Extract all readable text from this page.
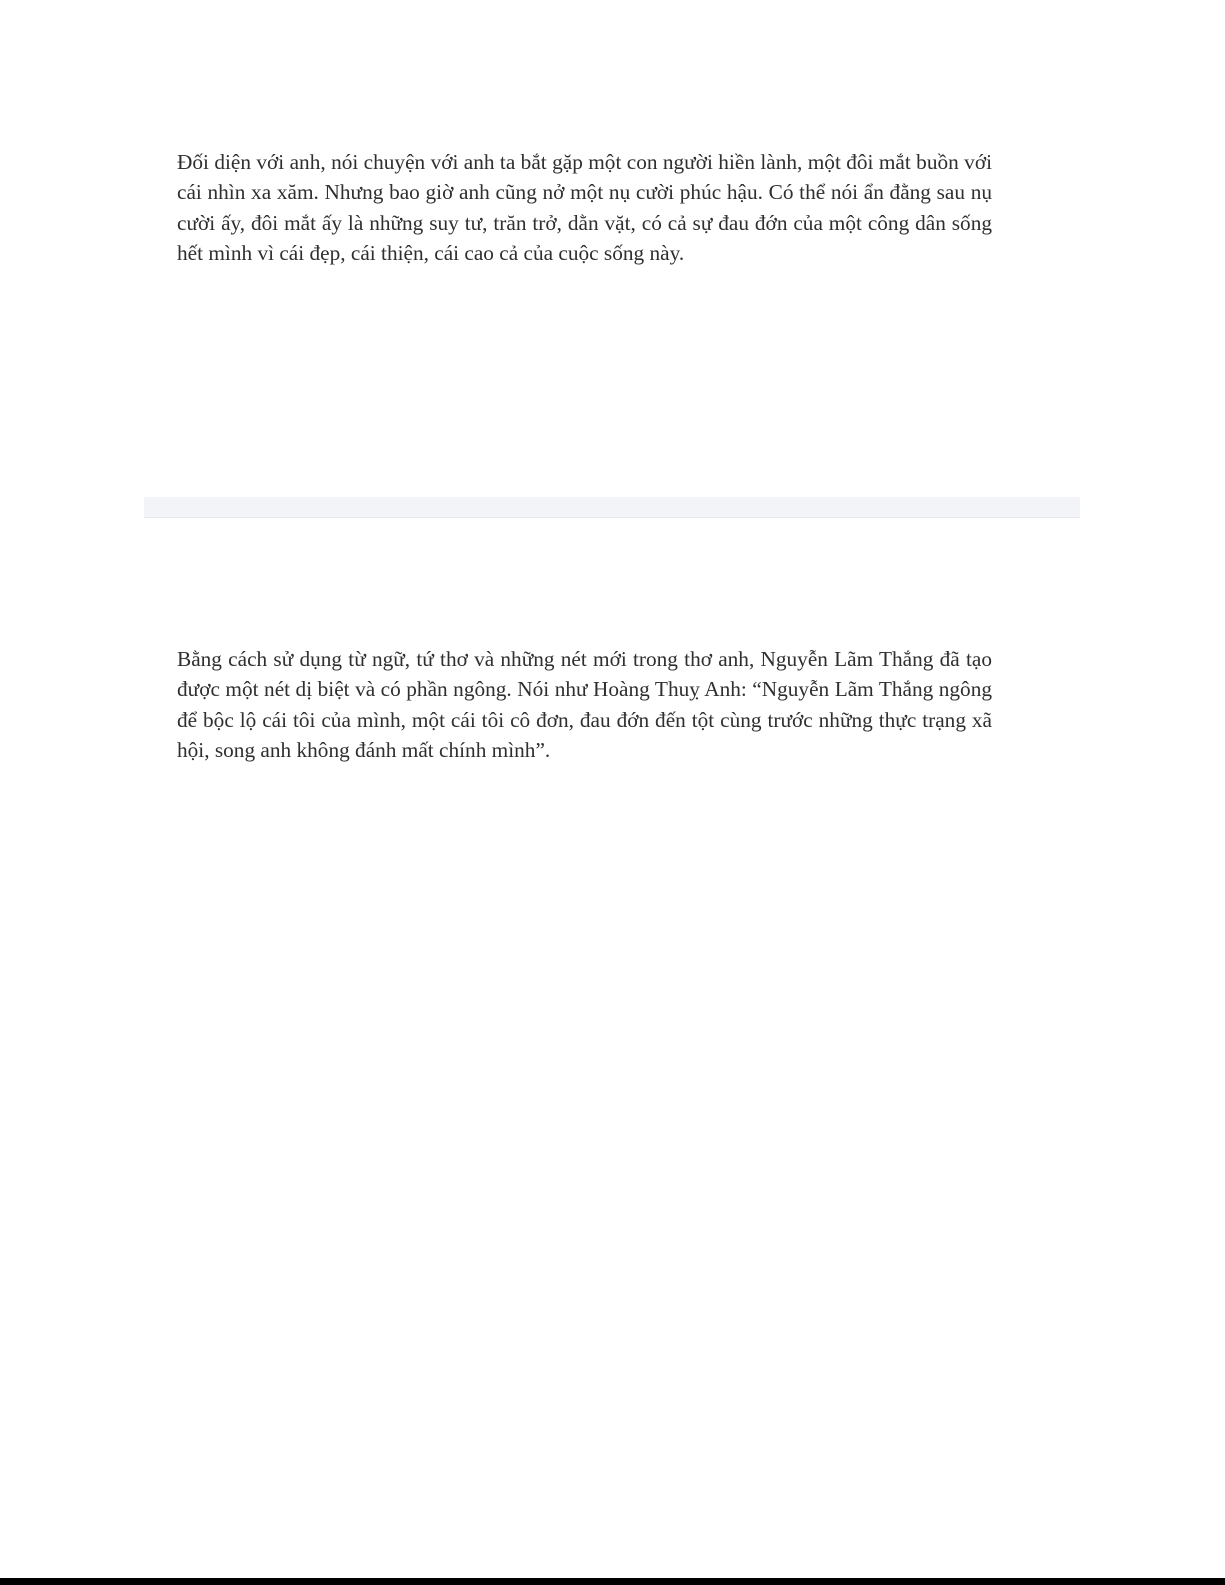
Đối diện với anh, nói chuyện với anh ta bắt gặp một con người hiền lành, một đôi mắt buồn với cái nhìn xa xăm. Nhưng bao giờ anh cũng nở một nụ cười phúc hậu. Có thể nói ẩn đằng sau nụ cười ấy, đôi mắt ấy là những suy tư, trăn trở, dằn vặt, có cả sự đau đớn của một công dân sống hết mình vì cái đẹp, cái thiện, cái cao cả của cuộc sống này.

Bằng cách sử dụng từ ngữ, tứ thơ và những nét mới trong thơ anh, Nguyễn Lãm Thắng đã tạo được một nét dị biệt và có phần ngông. Nói như Hoàng Thuỵ Anh: “Nguyễn Lãm Thắng ngông để bộc lộ cái tôi của mình, một cái tôi cô đơn, đau đớn đến tột cùng trước những thực trạng xã hội, song anh không đánh mất chính mình”.
